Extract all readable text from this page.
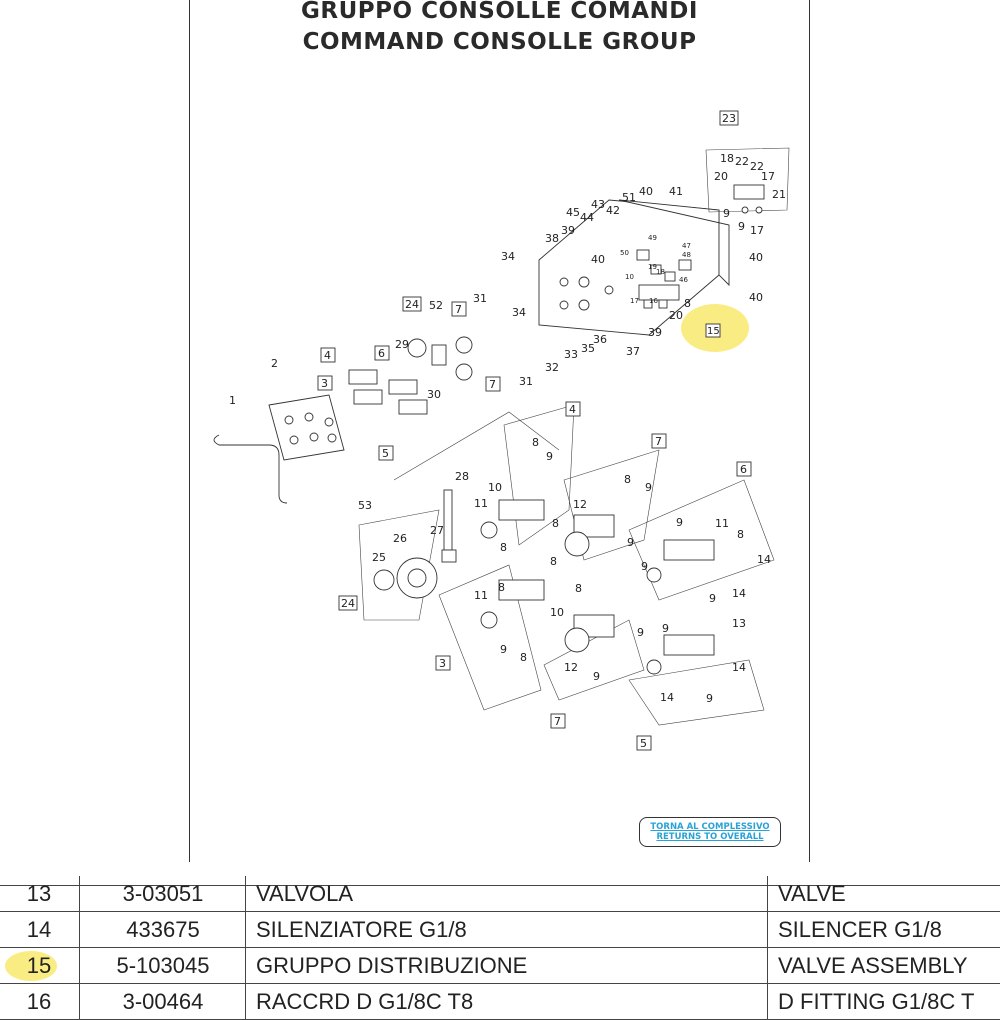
GRUPPO CONSOLLE COMANDI
COMMAND CONSOLLE GROUP
1
2
3
4
5
6
7
7
24
29
30
52
31
31
32
33
34
34
35
36
37
38
39
39
40
40
40
40
41
42
43
44
45
51
46
47
48
49
50
10
19
18
16
17	8
20
15
23
18 22 22
20	17
21
9
9 17
4
8
9
10
11
8
8
8
8
11
10
9
8
3
7
12
8
9
9
8
9
12
9
7
6
9	11
8
9
14
14
9
13
9
14
14	9
5
28
53
27
26
25
24
TORNA AL COMPLESSIVO
RETURNS TO OVERALL
13	3-03051	VALVOLA	VALVE
14	433675	SILENZIATORE G1/8	SILENCER G1/8
15	5-103045	GRUPPO DISTRIBUZIONE	VALVE ASSEMBLY
16	3-00464	RACCRD D G1/8C T8	D FITTING G1/8C T
